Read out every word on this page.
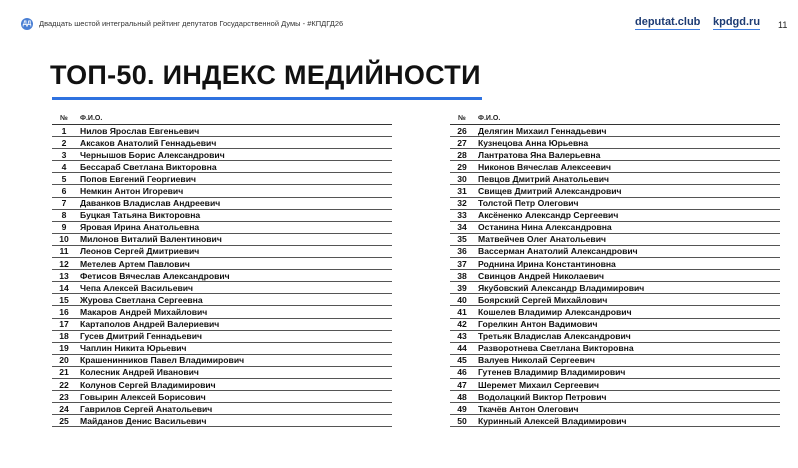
ДД Двадцать шестой интегральный рейтинг депутатов Государственной Думы - #КПДГД26	deputat.club kpdgd.ru 11
ТОП-50. ИНДЕКС МЕДИЙНОСТИ
№	Ф.И.О.
1	Нилов Ярослав Евгеньевич
2	Аксаков Анатолий Геннадьевич
3	Чернышов Борис Александрович
4	Бессараб Светлана Викторовна
5	Попов Евгений Георгиевич
6	Немкин Антон Игоревич
7	Даванков Владислав Андреевич
8	Буцкая Татьяна Викторовна
9	Яровая Ирина Анатольевна
10	Милонов Виталий Валентинович
11	Леонов Сергей Дмитриевич
12	Метелев Артем Павлович
13	Фетисов Вячеслав Александрович
14	Чепа Алексей Васильевич
15	Журова Светлана Сергеевна
16	Макаров Андрей Михайлович
17	Картаполов Андрей Валериевич
18	Гусев Дмитрий Геннадьевич
19	Чаплин Никита Юрьевич
20	Крашенинников Павел Владимирович
21	Колесник Андрей Иванович
22	Колунов Сергей Владимирович
23	Говырин Алексей Борисович
24	Гаврилов Сергей Анатольевич
25	Майданов Денис Васильевич
№	Ф.И.О.
26	Делягин Михаил Геннадьевич
27	Кузнецова Анна Юрьевна
28	Лантратова Яна Валерьевна
29	Никонов Вячеслав Алексеевич
30	Певцов Дмитрий Анатольевич
31	Свищев Дмитрий Александрович
32	Толстой Петр Олегович
33	Аксёненко Александр Сергеевич
34	Останина Нина Александровна
35	Матвейчев Олег Анатольевич
36	Вассерман Анатолий Александрович
37	Роднина Ирина Константиновна
38	Свинцов Андрей Николаевич
39	Якубовский Александр Владимирович
40	Боярский Сергей Михайлович
41	Кошелев Владимир Александрович
42	Горелкин Антон Вадимович
43	Третьяк Владислав Александрович
44	Разворотнева Светлана Викторовна
45	Валуев Николай Сергеевич
46	Гутенев Владимир Владимирович
47	Шеремет Михаил Сергеевич
48	Водолацкий Виктор Петрович
49	Ткачёв Антон Олегович
50	Куринный Алексей Владимирович
